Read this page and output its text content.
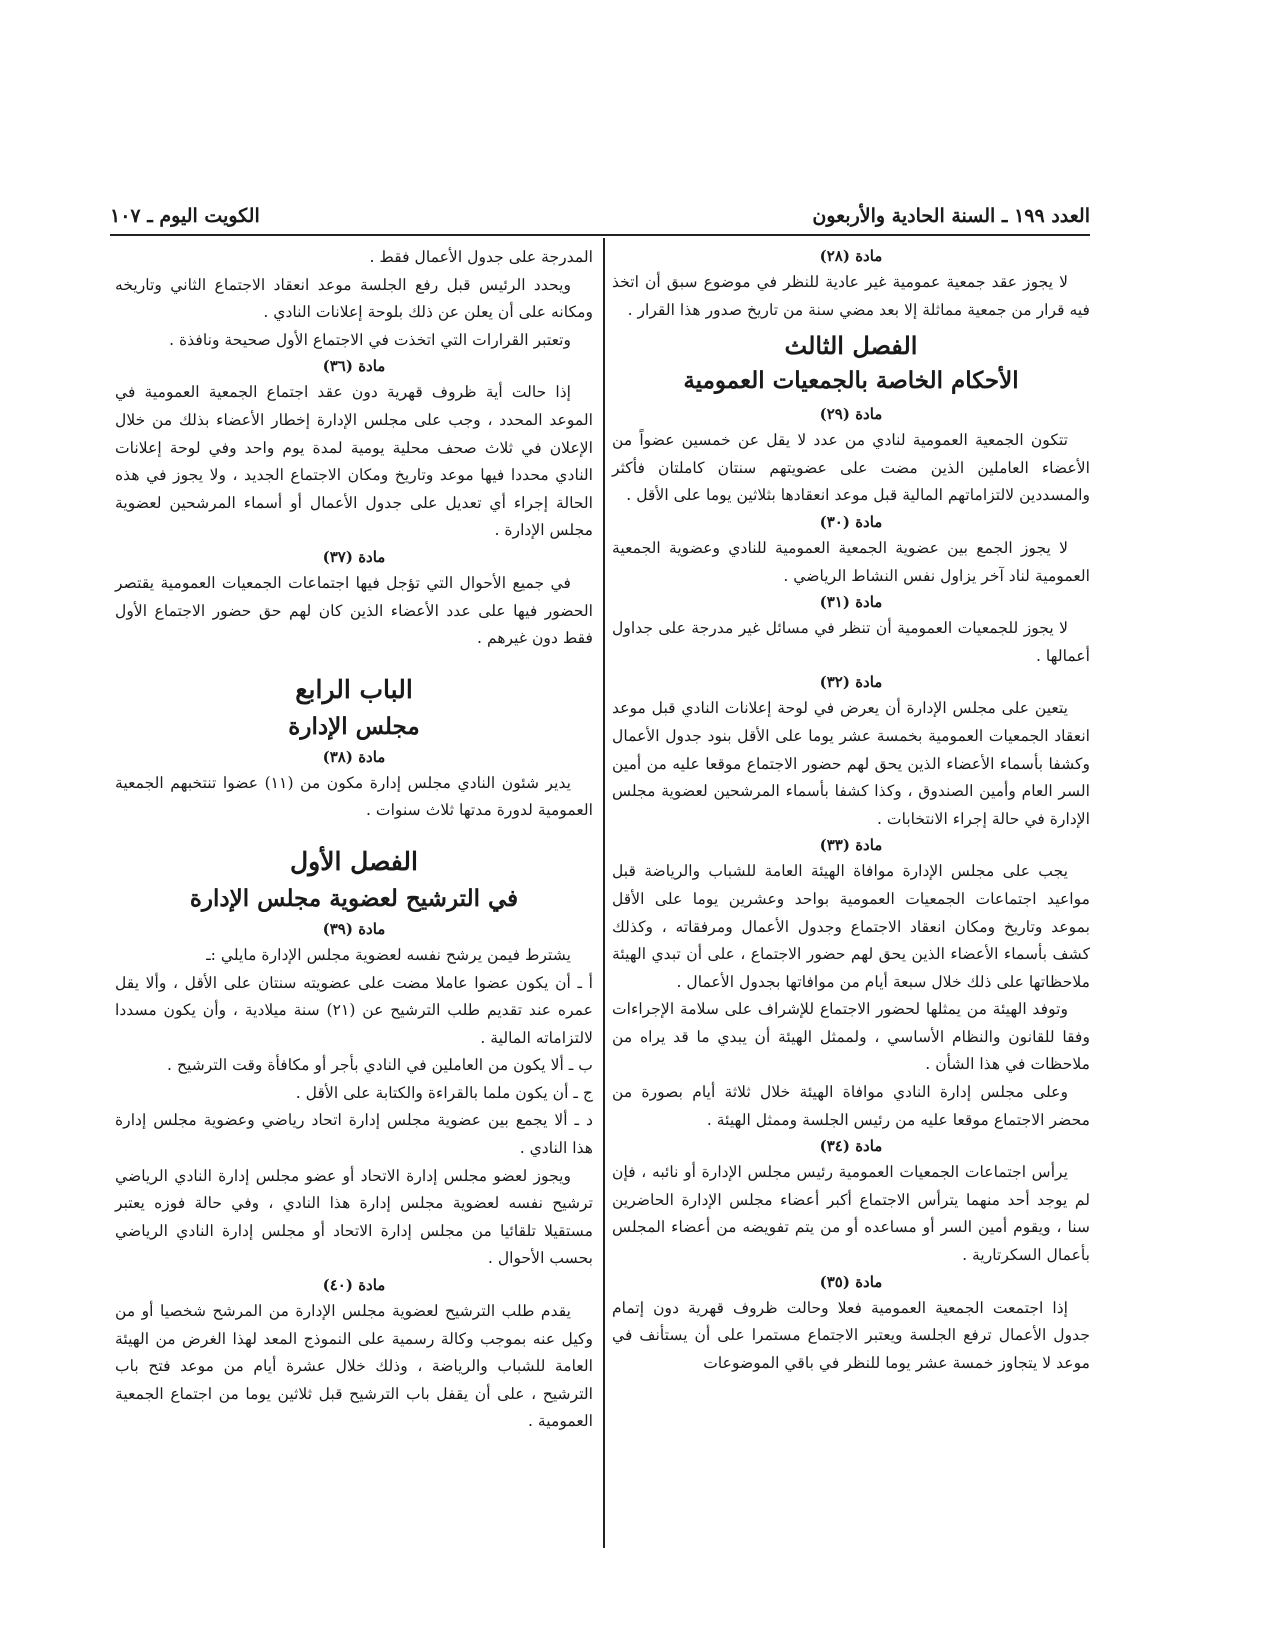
العدد ١٩٩ ـ السنة الحادية والأربعون
الكويت اليوم ـ ١٠٧

مادة (٢٨)

لا يجوز عقد جمعية عمومية غير عادية للنظر في موضوع سبق أن اتخذ فيه قرار من جمعية مماثلة إلا بعد مضي سنة من تاريخ صدور هذا القرار .

الفصل الثالث

الأحكام الخاصة بالجمعيات العمومية

مادة (٢٩)

تتكون الجمعية العمومية لنادي من عدد لا يقل عن خمسين عضواً من الأعضاء العاملين الذين مضت على عضويتهم سنتان كاملتان فأكثر والمسددين لالتزاماتهم المالية قبل موعد انعقادها بثلاثين يوما على الأقل .

مادة (٣٠)

لا يجوز الجمع بين عضوية الجمعية العمومية للنادي وعضوية الجمعية العمومية لناد آخر يزاول نفس النشاط الرياضي .

مادة (٣١)

لا يجوز للجمعيات العمومية أن تنظر في مسائل غير مدرجة على جداول أعمالها .

مادة (٣٢)

يتعين على مجلس الإدارة أن يعرض في لوحة إعلانات النادي قبل موعد انعقاد الجمعيات العمومية بخمسة عشر يوما على الأقل بنود جدول الأعمال وكشفا بأسماء الأعضاء الذين يحق لهم حضور الاجتماع موقعا عليه من أمين السر العام وأمين الصندوق ، وكذا كشفا بأسماء المرشحين لعضوية مجلس الإدارة في حالة إجراء الانتخابات .

مادة (٣٣)

يجب على مجلس الإدارة موافاة الهيئة العامة للشباب والرياضة قبل مواعيد اجتماعات الجمعيات العمومية بواحد وعشرين يوما على الأقل بموعد وتاريخ ومكان انعقاد الاجتماع وجدول الأعمال ومرفقاته ، وكذلك كشف بأسماء الأعضاء الذين يحق لهم حضور الاجتماع ، على أن تبدي الهيئة ملاحظاتها على ذلك خلال سبعة أيام من موافاتها بجدول الأعمال .

وتوفد الهيئة من يمثلها لحضور الاجتماع للإشراف على سلامة الإجراءات وفقا للقانون والنظام الأساسي ، ولممثل الهيئة أن يبدي ما قد يراه من ملاحظات في هذا الشأن .

وعلى مجلس إدارة النادي موافاة الهيئة خلال ثلاثة أيام بصورة من محضر الاجتماع موقعا عليه من رئيس الجلسة وممثل الهيئة .

مادة (٣٤)

يرأس اجتماعات الجمعيات العمومية رئيس مجلس الإدارة أو نائبه ، فإن لم يوجد أحد منهما يترأس الاجتماع أكبر أعضاء مجلس الإدارة الحاضرين سنا ، ويقوم أمين السر أو مساعده أو من يتم تفويضه من أعضاء المجلس بأعمال السكرتارية .

مادة (٣٥)

إذا اجتمعت الجمعية العمومية فعلا وحالت ظروف قهرية دون إتمام جدول الأعمال ترفع الجلسة ويعتبر الاجتماع مستمرا على أن يستأنف في موعد لا يتجاوز خمسة عشر يوما للنظر في باقي الموضوعات

المدرجة على جدول الأعمال فقط .

ويحدد الرئيس قبل رفع الجلسة موعد انعقاد الاجتماع الثاني وتاريخه ومكانه على أن يعلن عن ذلك بلوحة إعلانات النادي .

وتعتبر القرارات التي اتخذت في الاجتماع الأول صحيحة ونافذة .

مادة (٣٦)

إذا حالت أية ظروف قهرية دون عقد اجتماع الجمعية العمومية في الموعد المحدد ، وجب على مجلس الإدارة إخطار الأعضاء بذلك من خلال الإعلان في ثلاث صحف محلية يومية لمدة يوم واحد وفي لوحة إعلانات النادي محددا فيها موعد وتاريخ ومكان الاجتماع الجديد ، ولا يجوز في هذه الحالة إجراء أي تعديل على جدول الأعمال أو أسماء المرشحين لعضوية مجلس الإدارة .

مادة (٣٧)

في جميع الأحوال التي تؤجل فيها اجتماعات الجمعيات العمومية يقتصر الحضور فيها على عدد الأعضاء الذين كان لهم حق حضور الاجتماع الأول فقط دون غيرهم .

الباب الرابع

مجلس الإدارة

مادة (٣٨)

يدير شئون النادي مجلس إدارة مكون من (١١) عضوا تنتخبهم الجمعية العمومية لدورة مدتها ثلاث سنوات .

الفصل الأول

في الترشيح لعضوية مجلس الإدارة

مادة (٣٩)

يشترط فيمن يرشح نفسه لعضوية مجلس الإدارة مايلي :ـ

أ ـ أن يكون عضوا عاملا مضت على عضويته سنتان على الأقل ، وألا يقل عمره عند تقديم طلب الترشيح عن (٢١) سنة ميلادية ، وأن يكون مسددا لالتزاماته المالية .

ب ـ ألا يكون من العاملين في النادي بأجر أو مكافأة وقت الترشيح .

ج ـ أن يكون ملما بالقراءة والكتابة على الأقل .

د ـ ألا يجمع بين عضوية مجلس إدارة اتحاد رياضي وعضوية مجلس إدارة هذا النادي .

ويجوز لعضو مجلس إدارة الاتحاد أو عضو مجلس إدارة النادي الرياضي ترشيح نفسه لعضوية مجلس إدارة هذا النادي ، وفي حالة فوزه يعتبر مستقيلا تلقائيا من مجلس إدارة الاتحاد أو مجلس إدارة النادي الرياضي بحسب الأحوال .

مادة (٤٠)

يقدم طلب الترشيح لعضوية مجلس الإدارة من المرشح شخصيا أو من وكيل عنه بموجب وكالة رسمية على النموذج المعد لهذا الغرض من الهيئة العامة للشباب والرياضة ، وذلك خلال عشرة أيام من موعد فتح باب الترشيح ، على أن يقفل باب الترشيح قبل ثلاثين يوما من اجتماع الجمعية العمومية .
